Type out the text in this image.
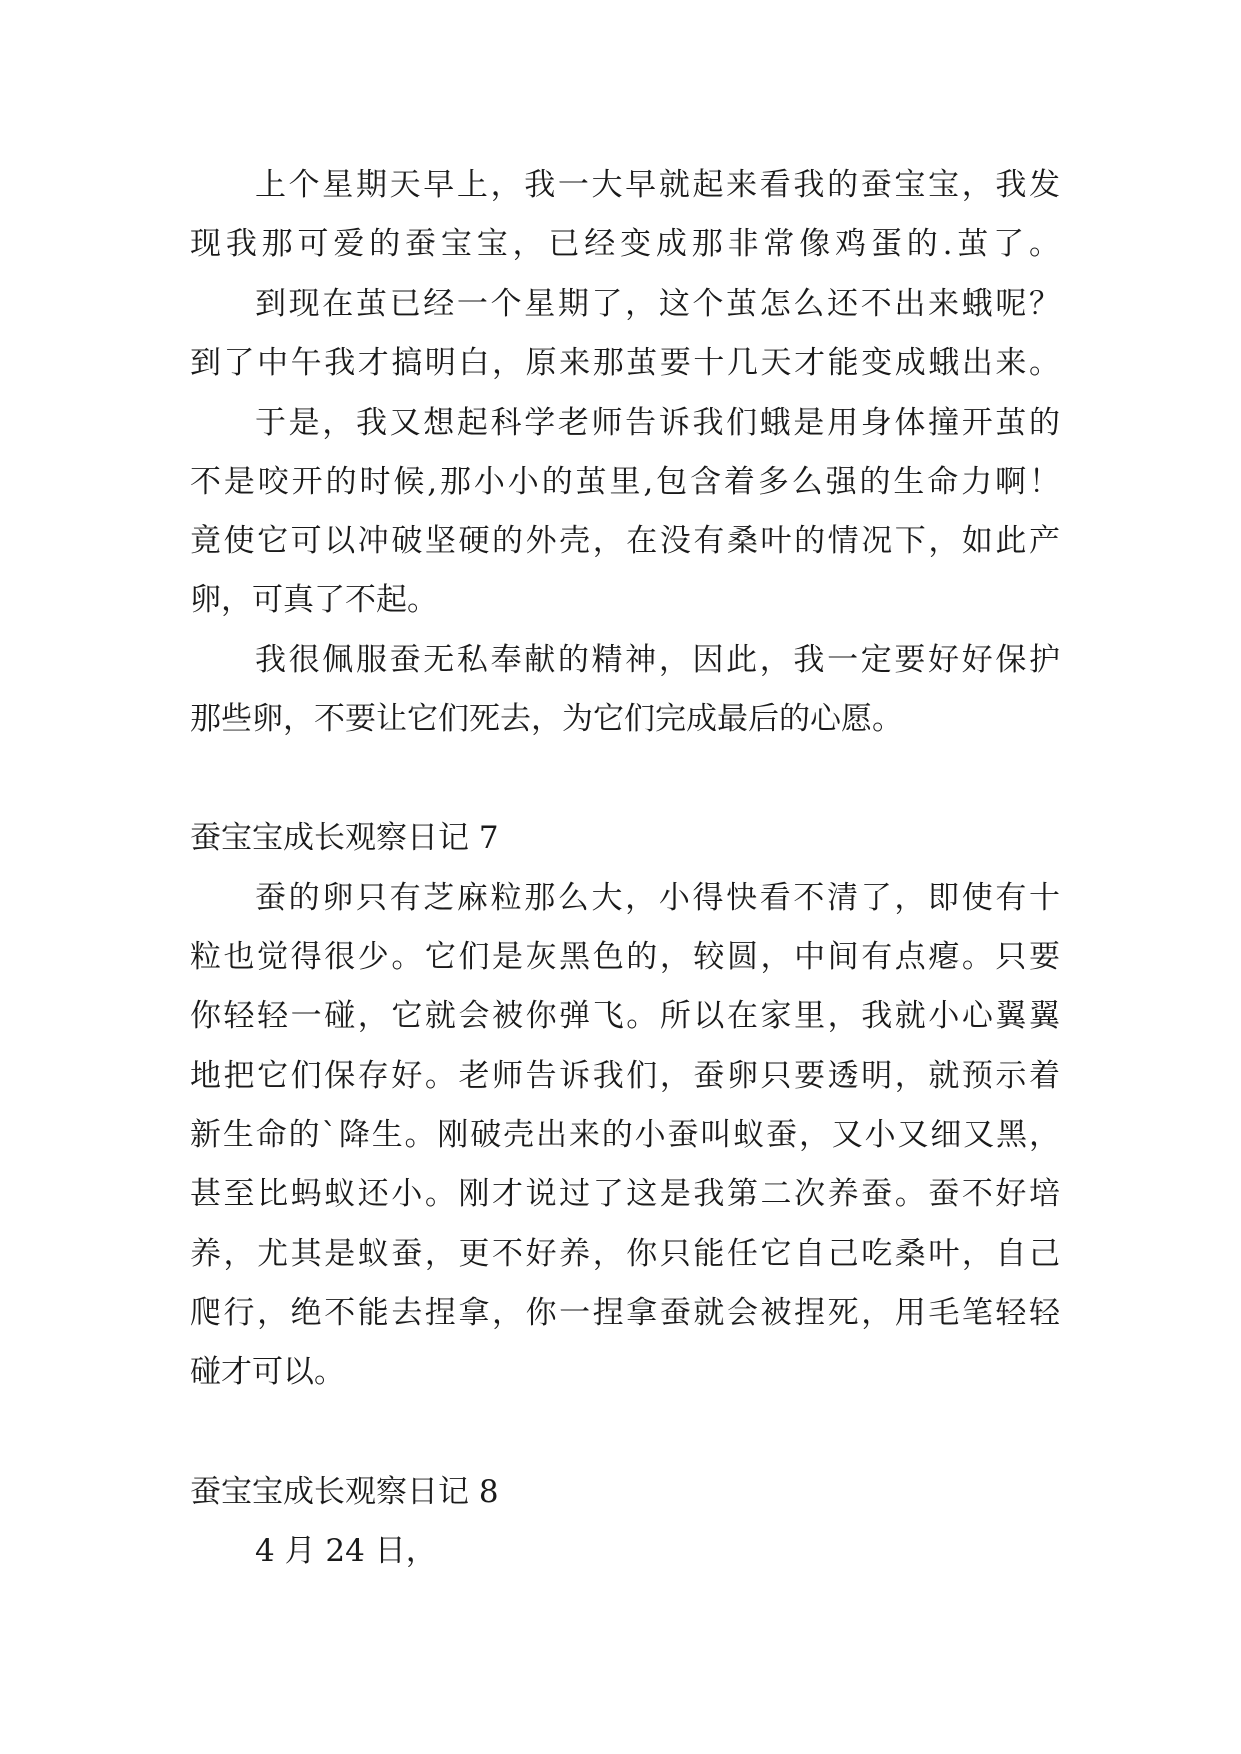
上个星期天早上，我一大早就起来看我的蚕宝宝，我发

现我那可爱的蚕宝宝，已经变成那非常像鸡蛋的.茧了。

到现在茧已经一个星期了，这个茧怎么还不出来蛾呢？

到了中午我才搞明白，原来那茧要十几天才能变成蛾出来。

于是，我又想起科学老师告诉我们蛾是用身体撞开茧的

不是咬开的时候,那小小的茧里,包含着多么强的生命力啊！

竟使它可以冲破坚硬的外壳，在没有桑叶的情况下，如此产

卵，可真了不起。

我很佩服蚕无私奉献的精神，因此，我一定要好好保护

那些卵，不要让它们死去，为它们完成最后的心愿。

蚕宝宝成长观察日记 7

蚕的卵只有芝麻粒那么大，小得快看不清了，即使有十

粒也觉得很少。它们是灰黑色的，较圆，中间有点瘪。只要

你轻轻一碰，它就会被你弹飞。所以在家里，我就小心翼翼

地把它们保存好。老师告诉我们，蚕卵只要透明，就预示着

新生命的`降生。刚破壳出来的小蚕叫蚁蚕，又小又细又黑，

甚至比蚂蚁还小。刚才说过了这是我第二次养蚕。蚕不好培

养，尤其是蚁蚕，更不好养，你只能任它自己吃桑叶，自己

爬行，绝不能去捏拿，你一捏拿蚕就会被捏死，用毛笔轻轻

碰才可以。

蚕宝宝成长观察日记 8

4 月 24 日，
